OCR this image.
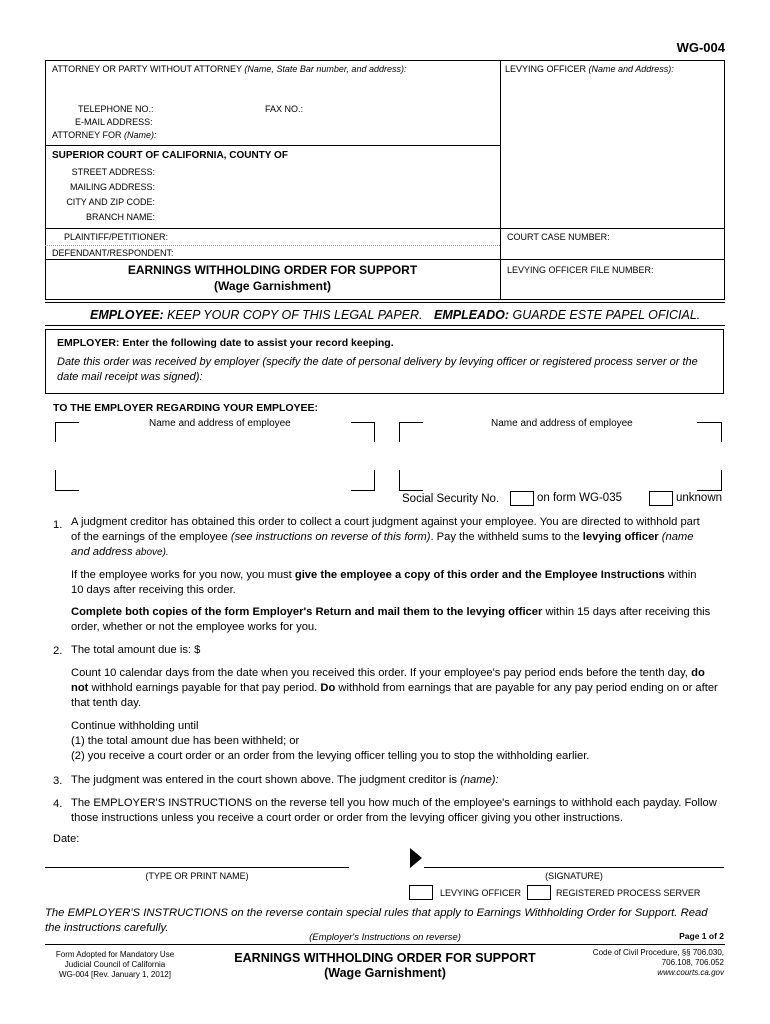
WG-004
ATTORNEY OR PARTY WITHOUT ATTORNEY (Name, State Bar number, and address):	LEVYING OFFICER (Name and Address):
TELEPHONE NO.:	FAX NO.:
E-MAIL ADDRESS:
ATTORNEY FOR (Name):
SUPERIOR COURT OF CALIFORNIA, COUNTY OF
STREET ADDRESS:
MAILING ADDRESS:
CITY AND ZIP CODE:
BRANCH NAME:
PLAINTIFF/PETITIONER:
DEFENDANT/RESPONDENT:
COURT CASE NUMBER:
LEVYING OFFICER FILE NUMBER:
EARNINGS WITHHOLDING ORDER FOR SUPPORT
(Wage Garnishment)
EMPLOYEE: KEEP YOUR COPY OF THIS LEGAL PAPER. EMPLEADO: GUARDE ESTE PAPEL OFICIAL.
EMPLOYER: Enter the following date to assist your record keeping.
Date this order was received by employer (specify the date of personal delivery by levying officer or registered process server or the
date mail receipt was signed):
TO THE EMPLOYER REGARDING YOUR EMPLOYEE:
Name and address of employee	Name and address of employee
Social Security No.	on form WG-035	unknown
1. A judgment creditor has obtained this order to collect a court judgment against your employee. You are directed to withhold part
of the earnings of the employee (see instructions on reverse of this form). Pay the withheld sums to the levying officer (name
and address above).
If the employee works for you now, you must give the employee a copy of this order and the Employee Instructions within
10 days after receiving this order.
Complete both copies of the form Employer's Return and mail them to the levying officer within 15 days after receiving this
order, whether or not the employee works for you.
2. The total amount due is: $
Count 10 calendar days from the date when you received this order. If your employee's pay period ends before the tenth day, do
not withhold earnings payable for that pay period. Do withhold from earnings that are payable for any pay period ending on or after
that tenth day.
Continue withholding until
(1) the total amount due has been withheld; or
(2) you receive a court order or an order from the levying officer telling you to stop the withholding earlier.
3. The judgment was entered in the court shown above. The judgment creditor is (name):
4. The EMPLOYER'S INSTRUCTIONS on the reverse tell you how much of the employee's earnings to withhold each payday. Follow
those instructions unless you receive a court order or order from the levying officer giving you other instructions.
Date:
(TYPE OR PRINT NAME)	(SIGNATURE)
LEVYING OFFICER	REGISTERED PROCESS SERVER
The EMPLOYER'S INSTRUCTIONS on the reverse contain special rules that apply to Earnings Withholding Order for Support. Read
the instructions carefully.
(Employer's Instructions on reverse)	Page 1 of 2
Form Adopted for Mandatory Use
Judicial Council of California
WG-004 [Rev. January 1, 2012]
EARNINGS WITHHOLDING ORDER FOR SUPPORT
(Wage Garnishment)
Code of Civil Procedure, §§ 706.030,
706.108, 706.052
www.courts.ca.gov
